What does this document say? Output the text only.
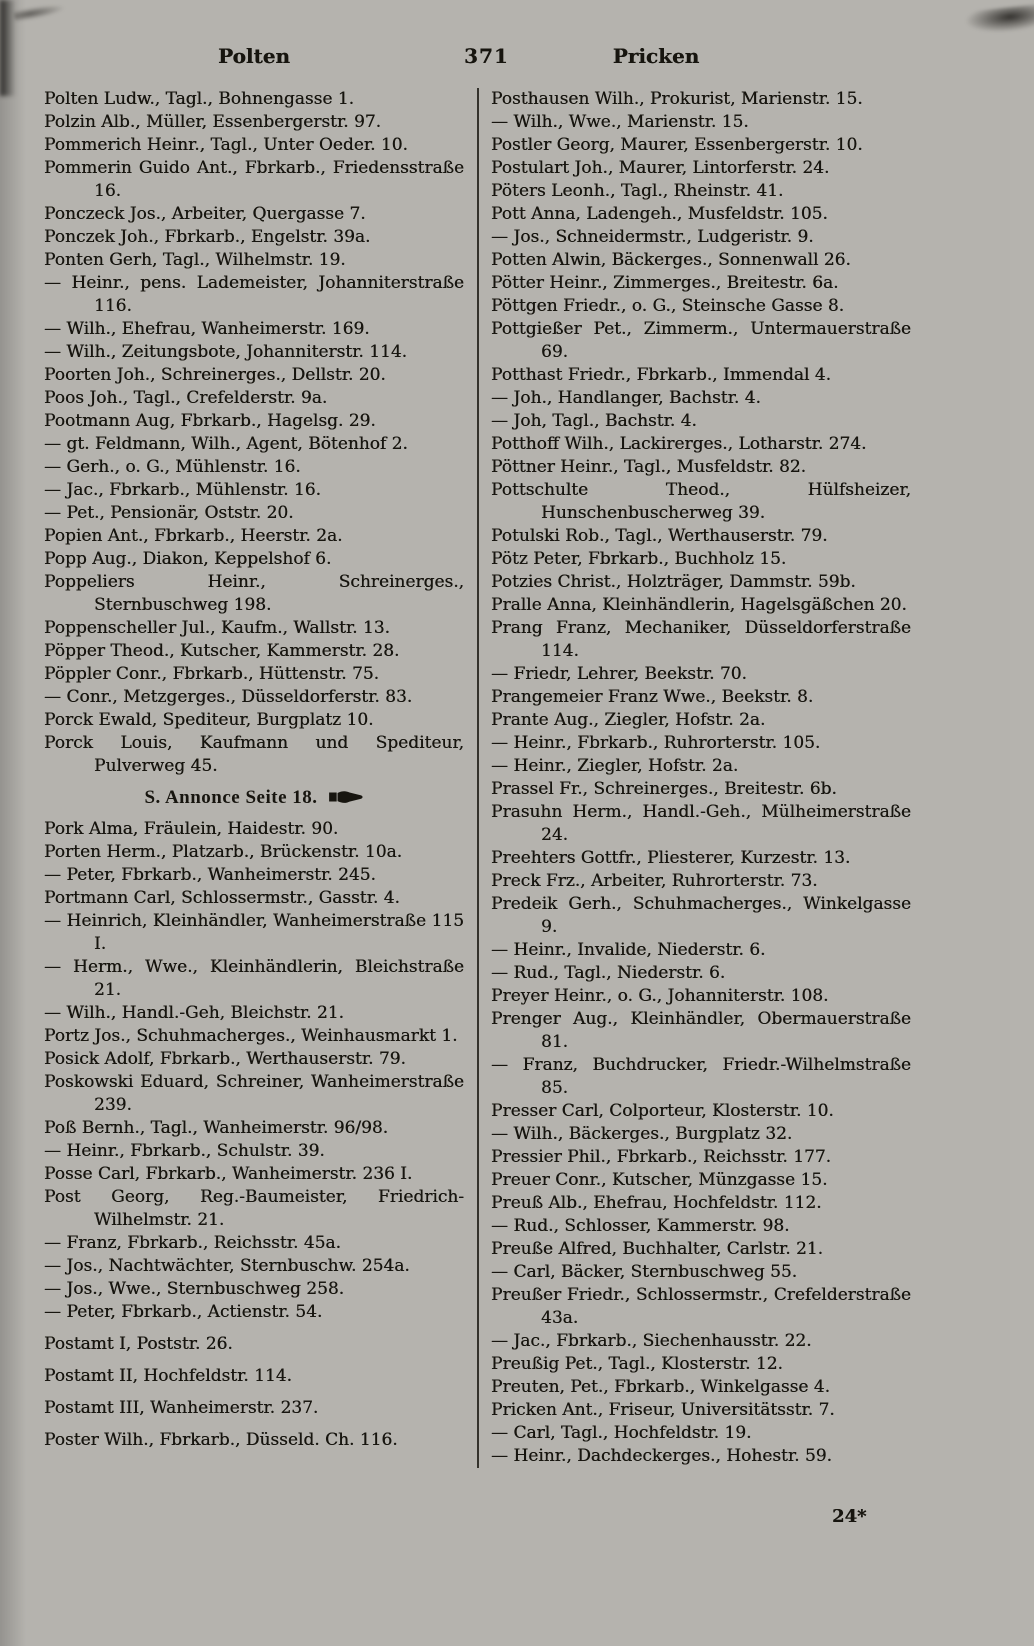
Polten	371	Pricken
Polten Ludw., Tagl., Bohnengasse 1.
Polzin Alb., Müller, Essenbergerstr. 97.
Pommerich Heinr., Tagl., Unter Oeder. 10.
Pommerin Guido Ant., Fbrkarb., Friedensstraße 16.
Ponczeck Jos., Arbeiter, Quergasse 7.
Ponczek Joh., Fbrkarb., Engelstr. 39a.
Ponten Gerh, Tagl., Wilhelmstr. 19.
— Heinr., pens. Lademeister, Johanniterstraße 116.
— Wilh., Ehefrau, Wanheimerstr. 169.
— Wilh., Zeitungsbote, Johanniterstr. 114.
Poorten Joh., Schreinerges., Dellstr. 20.
Poos Joh., Tagl., Crefelderstr. 9a.
Pootmann Aug, Fbrkarb., Hagelsg. 29.
— gt. Feldmann, Wilh., Agent, Bötenhof 2.
— Gerh., o. G., Mühlenstr. 16.
— Jac., Fbrkarb., Mühlenstr. 16.
— Pet., Pensionär, Oststr. 20.
Popien Ant., Fbrkarb., Heerstr. 2a.
Popp Aug., Diakon, Keppelshof 6.
Poppeliers Heinr., Schreinerges., Sternbuschweg 198.
Poppenscheller Jul., Kaufm., Wallstr. 13.
Pöpper Theod., Kutscher, Kammerstr. 28.
Pöppler Conr., Fbrkarb., Hüttenstr. 75.
— Conr., Metzgerges., Düsseldorferstr. 83.
Porck Ewald, Spediteur, Burgplatz 10.
Porck Louis, Kaufmann und Spediteur, Pulverweg 45.
S. Annonce Seite 18.
Pork Alma, Fräulein, Haidestr. 90.
Porten Herm., Platzarb., Brückenstr. 10a.
— Peter, Fbrkarb., Wanheimerstr. 245.
Portmann Carl, Schlossermstr., Gasstr. 4.
— Heinrich, Kleinhändler, Wanheimerstraße 115 I.
— Herm., Wwe., Kleinhändlerin, Bleichstraße 21.
— Wilh., Handl.-Geh, Bleichstr. 21.
Portz Jos., Schuhmacherges., Weinhausmarkt 1.
Posick Adolf, Fbrkarb., Werthauserstr. 79.
Poskowski Eduard, Schreiner, Wanheimerstraße 239.
Poß Bernh., Tagl., Wanheimerstr. 96/98.
— Heinr., Fbrkarb., Schulstr. 39.
Posse Carl, Fbrkarb., Wanheimerstr. 236 I.
Post Georg, Reg.-Baumeister, Friedrich-Wilhelmstr. 21.
— Franz, Fbrkarb., Reichsstr. 45a.
— Jos., Nachtwächter, Sternbuschw. 254a.
— Jos., Wwe., Sternbuschweg 258.
— Peter, Fbrkarb., Actienstr. 54.
Postamt I, Poststr. 26.
Postamt II, Hochfeldstr. 114.
Postamt III, Wanheimerstr. 237.
Poster Wilh., Fbrkarb., Düsseld. Ch. 116.
Posthausen Wilh., Prokurist, Marienstr. 15.
— Wilh., Wwe., Marienstr. 15.
Postler Georg, Maurer, Essenbergerstr. 10.
Postulart Joh., Maurer, Lintorferstr. 24.
Pöters Leonh., Tagl., Rheinstr. 41.
Pott Anna, Ladengeh., Musfeldstr. 105.
— Jos., Schneidermstr., Ludgeristr. 9.
Potten Alwin, Bäckerges., Sonnenwall 26.
Pötter Heinr., Zimmerges., Breitestr. 6a.
Pöttgen Friedr., o. G., Steinsche Gasse 8.
Pottgießer Pet., Zimmerm., Untermauerstraße 69.
Potthast Friedr., Fbrkarb., Immendal 4.
— Joh., Handlanger, Bachstr. 4.
— Joh, Tagl., Bachstr. 4.
Potthoff Wilh., Lackirerges., Lotharstr. 274.
Pöttner Heinr., Tagl., Musfeldstr. 82.
Pottschulte Theod., Hülfsheizer, Hunschenbuscherweg 39.
Potulski Rob., Tagl., Werthauserstr. 79.
Pötz Peter, Fbrkarb., Buchholz 15.
Potzies Christ., Holzträger, Dammstr. 59b.
Pralle Anna, Kleinhändlerin, Hagelsgäßchen 20.
Prang Franz, Mechaniker, Düsseldorferstraße 114.
— Friedr, Lehrer, Beekstr. 70.
Prangemeier Franz Wwe., Beekstr. 8.
Prante Aug., Ziegler, Hofstr. 2a.
— Heinr., Fbrkarb., Ruhrorterstr. 105.
— Heinr., Ziegler, Hofstr. 2a.
Prassel Fr., Schreinerges., Breitestr. 6b.
Prasuhn Herm., Handl.-Geh., Mülheimerstraße 24.
Preehters Gottfr., Pliesterer, Kurzestr. 13.
Preck Frz., Arbeiter, Ruhrorterstr. 73.
Predeik Gerh., Schuhmacherges., Winkelgasse 9.
— Heinr., Invalide, Niederstr. 6.
— Rud., Tagl., Niederstr. 6.
Preyer Heinr., o. G., Johanniterstr. 108.
Prenger Aug., Kleinhändler, Obermauerstraße 81.
— Franz, Buchdrucker, Friedr.-Wilhelmstraße 85.
Presser Carl, Colporteur, Klosterstr. 10.
— Wilh., Bäckerges., Burgplatz 32.
Pressier Phil., Fbrkarb., Reichsstr. 177.
Preuer Conr., Kutscher, Münzgasse 15.
Preuß Alb., Ehefrau, Hochfeldstr. 112.
— Rud., Schlosser, Kammerstr. 98.
Preuße Alfred, Buchhalter, Carlstr. 21.
— Carl, Bäcker, Sternbuschweg 55.
Preußer Friedr., Schlossermstr., Crefelderstraße 43a.
— Jac., Fbrkarb., Siechenhausstr. 22.
Preußig Pet., Tagl., Klosterstr. 12.
Preuten, Pet., Fbrkarb., Winkelgasse 4.
Pricken Ant., Friseur, Universitätsstr. 7.
— Carl, Tagl., Hochfeldstr. 19.
— Heinr., Dachdeckerges., Hohestr. 59.
24*
